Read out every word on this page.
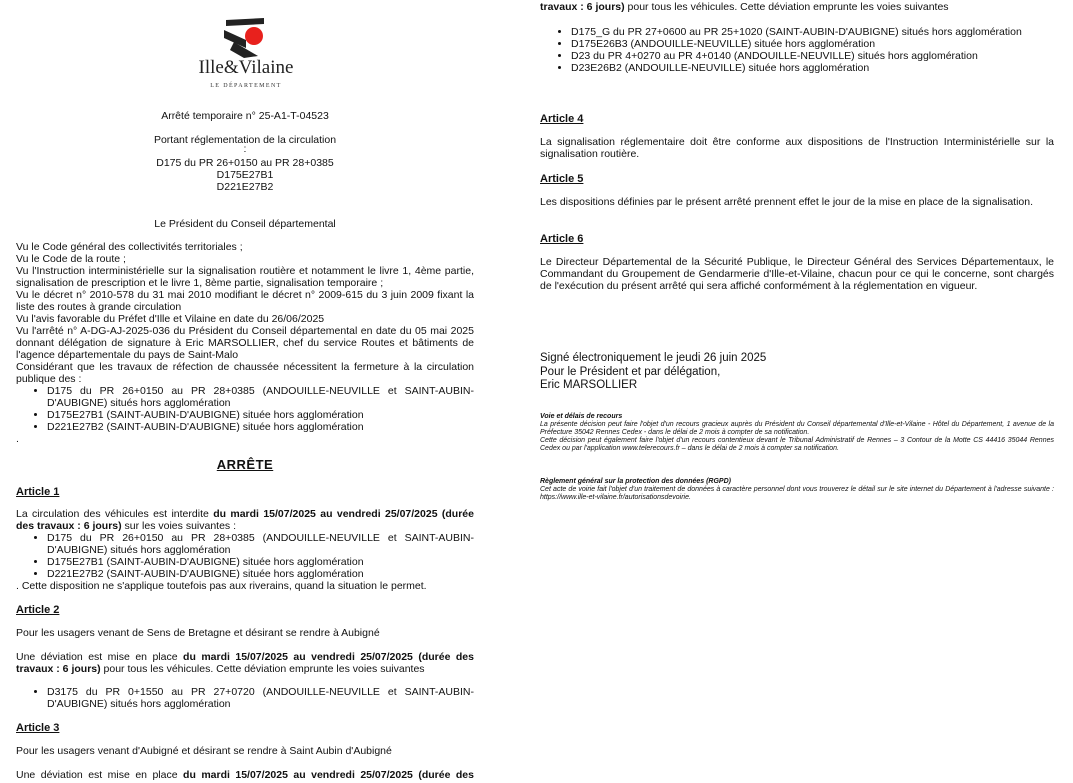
Ille&Vilaine
LE DÉPARTEMENT
Arrêté temporaire n° 25-A1-T-04523
Portant réglementation de la circulation
:
D175 du PR 26+0150 au PR 28+0385
D175E27B1
D221E27B2
Le Président du Conseil départemental

Vu le Code général des collectivités territoriales ;

Vu le Code de la route ;

Vu l'Instruction interministérielle sur la signalisation routière et notamment le livre 1, 4ème partie, signalisation de prescription et le livre 1, 8ème partie, signalisation temporaire ;

Vu le décret n° 2010-578 du 31 mai 2010 modifiant le décret n° 2009-615 du 3 juin 2009 fixant la liste des routes à grande circulation

Vu l'avis favorable du Préfet d'Ille et Vilaine en date du 26/06/2025

Vu l'arrêté n° A-DG-AJ-2025-036 du Président du Conseil départemental en date du 05 mai 2025 donnant délégation de signature à Eric MARSOLLIER, chef du service Routes et bâtiments de l'agence départementale du pays de Saint-Malo

Considérant que les travaux de réfection de chaussée nécessitent la fermeture à la circulation publique des :

• D175 du PR 26+0150 au PR 28+0385 (ANDOUILLE-NEUVILLE et SAINT-AUBIN-D'AUBIGNE) situés hors agglomération
• D175E27B1 (SAINT-AUBIN-D'AUBIGNE) située hors agglomération
• D221E27B2 (SAINT-AUBIN-D'AUBIGNE) située hors agglomération

.

ARRÊTE
Article 1

La circulation des véhicules est interdite du mardi 15/07/2025 au vendredi 25/07/2025 (durée des travaux : 6 jours) sur les voies suivantes :

• D175 du PR 26+0150 au PR 28+0385 (ANDOUILLE-NEUVILLE et SAINT-AUBIN-D'AUBIGNE) situés hors agglomération
• D175E27B1 (SAINT-AUBIN-D'AUBIGNE) située hors agglomération
• D221E27B2 (SAINT-AUBIN-D'AUBIGNE) située hors agglomération

. Cette disposition ne s'applique toutefois pas aux riverains, quand la situation le permet.

Article 2
Pour les usagers venant de Sens de Bretagne et désirant se rendre à Aubigné

Une déviation est mise en place du mardi 15/07/2025 au vendredi 25/07/2025 (durée des travaux : 6 jours) pour tous les véhicules. Cette déviation emprunte les voies suivantes

• D3175 du PR 0+1550 au PR 27+0720 (ANDOUILLE-NEUVILLE et SAINT-AUBIN-D'AUBIGNE) situés hors agglomération
Article 3
Pour les usagers venant d'Aubigné et désirant se rendre à Saint Aubin d'Aubigné
Une déviation est mise en place du mardi 15/07/2025 au vendredi 25/07/2025 (durée des
travaux : 6 jours) pour tous les véhicules. Cette déviation emprunte les voies suivantes
• D175_G du PR 27+0600 au PR 25+1020 (SAINT-AUBIN-D'AUBIGNE) situés hors agglomération
• D175E26B3 (ANDOUILLE-NEUVILLE) située hors agglomération
• D23 du PR 4+0270 au PR 4+0140 (ANDOUILLE-NEUVILLE) situés hors agglomération
• D23E26B2 (ANDOUILLE-NEUVILLE) située hors agglomération
Article 4
La signalisation réglementaire doit être conforme aux dispositions de l'Instruction Interministérielle sur la signalisation routière.
Article 5
Les dispositions définies par le présent arrêté prennent effet le jour de la mise en place de la signalisation.
Article 6
Le Directeur Départemental de la Sécurité Publique, le Directeur Général des Services Départementaux, le Commandant du Groupement de Gendarmerie d'Ille-et-Vilaine, chacun pour ce qui le concerne, sont chargés de l'exécution du présent arrêté qui sera affiché conformément à la réglementation en vigueur.

Signé électroniquement le jeudi 26 juin 2025

Pour le Président et par délégation,

Eric MARSOLLIER

Voie et délais de recours

La présente décision peut faire l'objet d'un recours gracieux auprès du Président du Conseil départemental d'Ille-et-Vilaine - Hôtel du Département, 1 avenue de la Préfecture 35042 Rennes Cedex - dans le délai de 2 mois à compter de sa notification.

Cette décision peut également faire l'objet d'un recours contentieux devant le Tribunal Administratif de Rennes – 3 Contour de la Motte CS 44416 35044 Rennes Cedex ou par l'application www.telerecours.fr – dans le délai de 2 mois à compter sa notification.

Règlement général sur la protection des données (RGPD)

Cet acte de voirie fait l'objet d'un traitement de données à caractère personnel dont vous trouverez le détail sur le site internet du Département à l'adresse suivante : https://www.ille-et-vilaine.fr/autorisationsdevoirie.
